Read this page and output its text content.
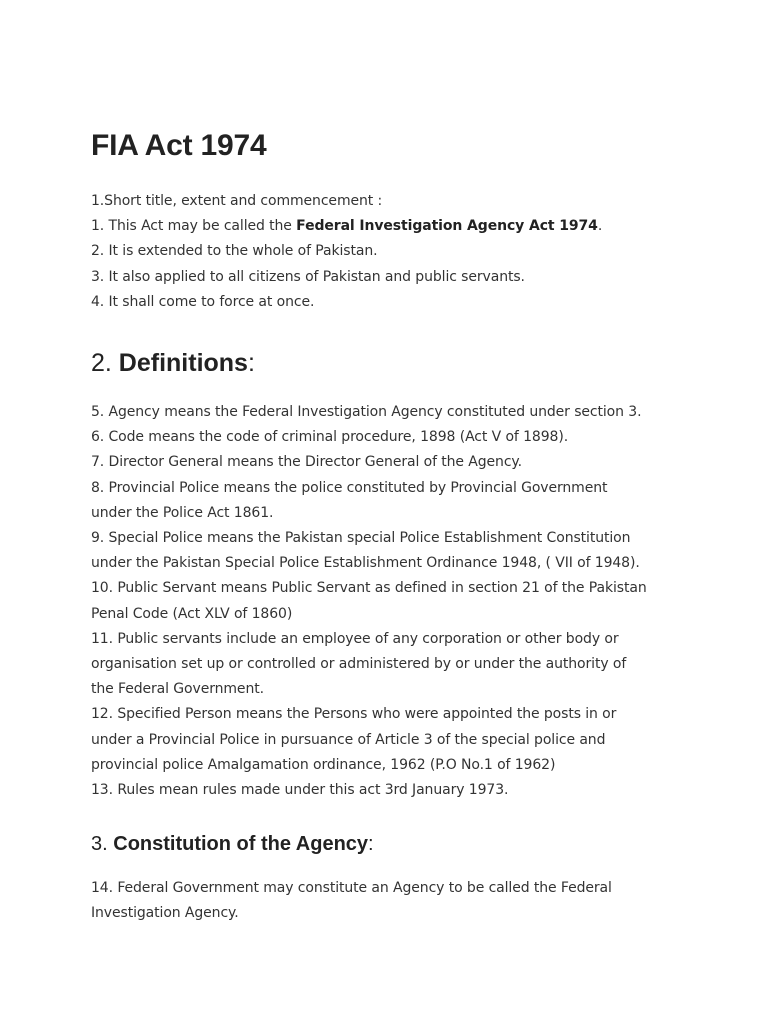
FIA Act 1974
1.Short title, extent and commencement :
1. This Act may be called the Federal Investigation Agency Act 1974.
2. It is extended to the whole of Pakistan.
3. It also applied to all citizens of Pakistan and public servants.
4. It shall come to force at once.
2. Definitions:
5. Agency means the Federal Investigation Agency constituted under section 3.
6. Code means the code of criminal procedure, 1898 (Act V of 1898).
7. Director General means the Director General of the Agency.
8. Provincial Police means the police constituted by Provincial Government
under the Police Act 1861.
9. Special Police means the Pakistan special Police Establishment Constitution
under the Pakistan Special Police Establishment Ordinance 1948, ( VII of 1948).
10. Public Servant means Public Servant as defined in section 21 of the Pakistan
Penal Code (Act XLV of 1860)
11. Public servants include an employee of any corporation or other body or
organisation set up or controlled or administered by or under the authority of
the Federal Government.
12. Specified Person means the Persons who were appointed the posts in or
under a Provincial Police in pursuance of Article 3 of the special police and
provincial police Amalgamation ordinance, 1962 (P.O No.1 of 1962)
13. Rules mean rules made under this act 3rd January 1973.
3. Constitution of the Agency:
14. Federal Government may constitute an Agency to be called the Federal
Investigation Agency.
